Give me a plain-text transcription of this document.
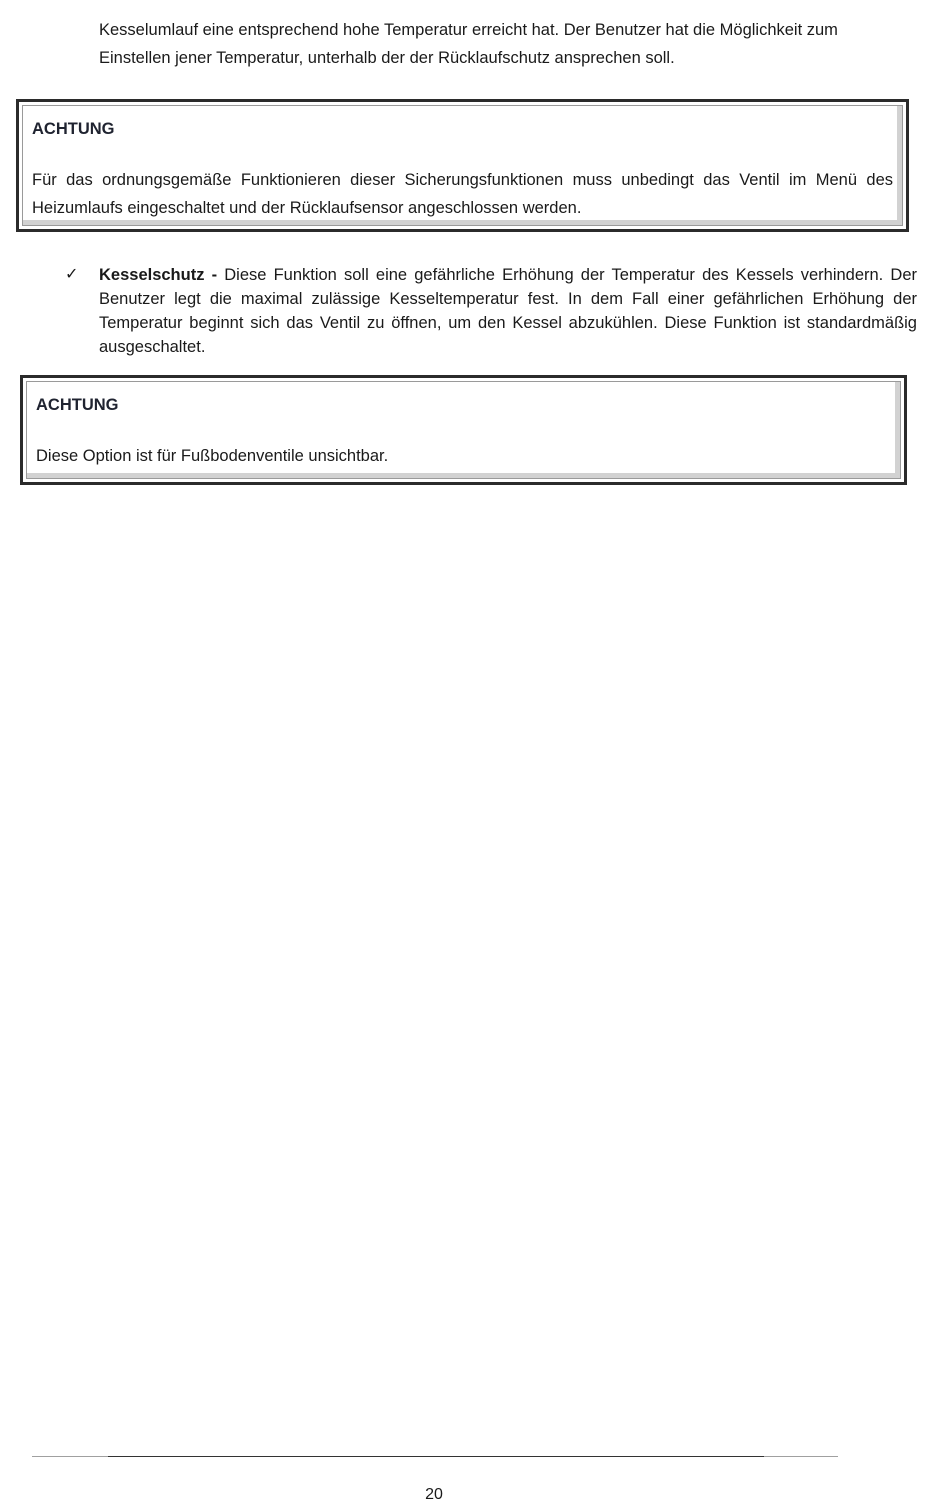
Kesselumlauf eine entsprechend hohe Temperatur erreicht hat. Der Benutzer hat die Möglichkeit zum

Einstellen jener Temperatur, unterhalb der der Rücklaufschutz ansprechen soll.

ACHTUNG
Für das ordnungsgemäße Funktionieren dieser Sicherungsfunktionen muss unbedingt das Ventil im Menü des Heizumlaufs eingeschaltet und der Rücklaufsensor angeschlossen werden.
✓ Kesselschutz - Diese Funktion soll eine gefährliche Erhöhung der Temperatur des Kessels verhindern. Der Benutzer legt die maximal zulässige Kesseltemperatur fest. In dem Fall einer gefährlichen Erhöhung der Temperatur beginnt sich das Ventil zu öffnen, um den Kessel abzukühlen. Diese Funktion ist standardmäßig ausgeschaltet.
ACHTUNG
Diese Option ist für Fußbodenventile unsichtbar.
20
